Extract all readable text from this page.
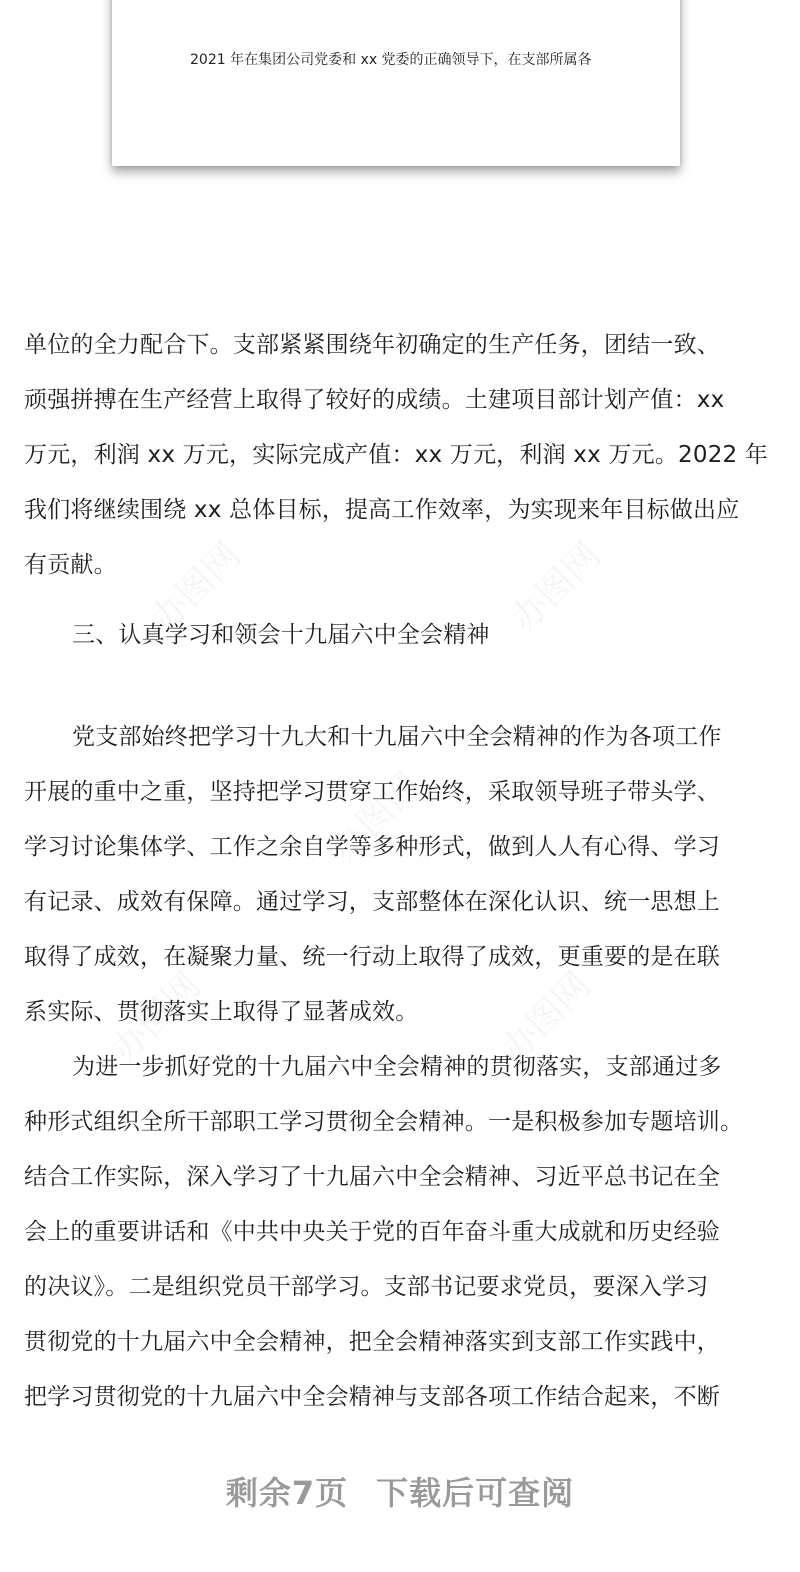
办图网	办图网
办图网
办图网	办图网
2021 年在集团公司党委和 xx 党委的正确领导下，在支部所属各
单位的全力配合下。支部紧紧围绕年初确定的生产任务，团结一致、
顽强拼搏在生产经营上取得了较好的成绩。土建项目部计划产值：xx
万元，利润 xx 万元，实际完成产值：xx 万元，利润 xx 万元。2022 年
我们将继续围绕 xx 总体目标，提高工作效率，为实现来年目标做出应
有贡献。
三、认真学习和领会十九届六中全会精神
党支部始终把学习十九大和十九届六中全会精神的作为各项工作
开展的重中之重，坚持把学习贯穿工作始终，采取领导班子带头学、
学习讨论集体学、工作之余自学等多种形式，做到人人有心得、学习
有记录、成效有保障。通过学习，支部整体在深化认识、统一思想上
取得了成效，在凝聚力量、统一行动上取得了成效，更重要的是在联
系实际、贯彻落实上取得了显著成效。
为进一步抓好党的十九届六中全会精神的贯彻落实，支部通过多
种形式组织全所干部职工学习贯彻全会精神。一是积极参加专题培训。
结合工作实际，深入学习了十九届六中全会精神、习近平总书记在全
会上的重要讲话和《中共中央关于党的百年奋斗重大成就和历史经验
的决议》。二是组织党员干部学习。支部书记要求党员，要深入学习
贯彻党的十九届六中全会精神，把全会精神落实到支部工作实践中，
把学习贯彻党的十九届六中全会精神与支部各项工作结合起来，不断
剩余7页 下载后可查阅
